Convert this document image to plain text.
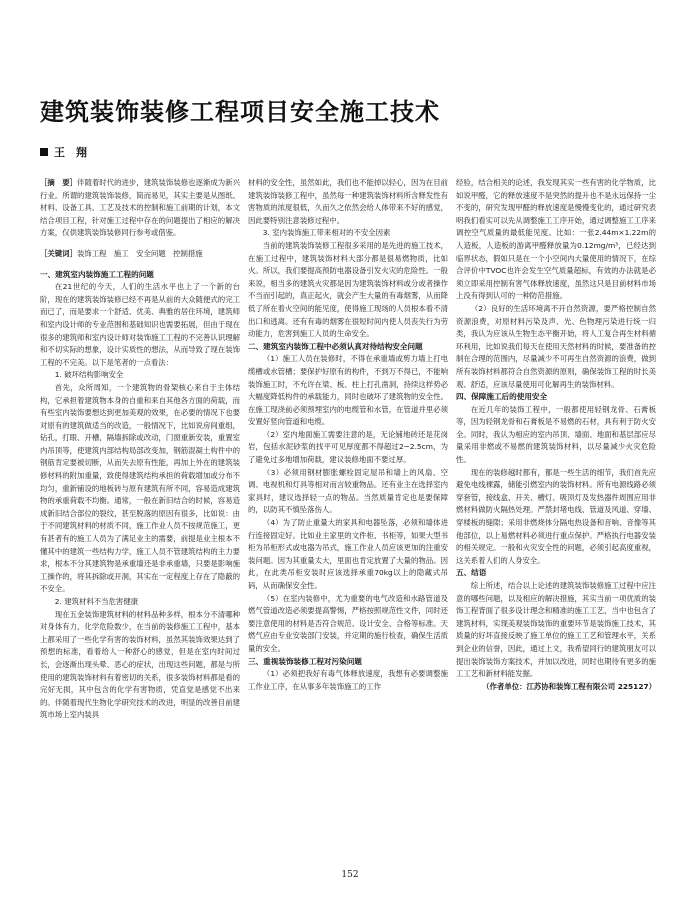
建筑装饰装修工程项目安全施工技术
王　翔

［摘　要］伴随着时代的进步，建筑装饰装修也逐渐成为新兴行业。所谓的建筑装饰装修，简而易见，其实主要是从图纸、材料、设备工具、工艺及技术的控制和施工前期的计划，本文结合项目工程，针对施工过程中存在的问题提出了相应的解决方案，仅供建筑装饰装修同行参考或借鉴。

［关键词］装饰工程　施工　安全问题　控制措施

一、建筑室内装饰施工工程的问题

在21世纪的今天，人们的生活水平也上了一个新的台阶，现在的建筑装饰装修已经不再是从前的大众随便式的完工而已了，而是要求一个舒适、优美、典雅的居住环境，建筑师和室内设计师的专业范围和基础知识也需要拓展，但由于现在很多的建筑师和室内设计师对装饰施工工程的不完善认识理解和不切实际的想象，设计实质性的想法，从而导致了现在装饰工程的不完美。以下是笔者的一点看法：

1. 破坏结构影响安全

首先，众所周知，一个建筑物的骨架核心来自于主体结构，它承担着建筑物本身的自重和来自其他各方面的荷载，而有些室内装饰要想达到更加美观的效果，在必要的情况下也要对原有的建筑做适当的改造，一般情况下，比如说房间重组，钻孔，打眼、开槽，隔墙拆除或改动，门窗重新安装，重置室内吊顶等，使建筑内部结构局部改变加，钢筋混凝土构件中的钢筋肯定要被切断，从而失去原有性能，再加上外在的建筑装修材料的附加重量，致使得建筑结构承担的荷载增加或分布不均匀，重新铺设的地板砖与原有建筑有所不同，容易造成建筑物的承重荷载不均衡。通常，一般在新旧结合的时候，容易造成新旧结合部位的裂纹，甚至脱落的原因有很多，比如说：由于不同建筑材料的材质不同，施工作业人员不按规范施工，更有甚者有的施工人员为了满足业主的需要，前提是业主根本不懂其中的建筑一些结构力学，施工人员不管建筑结构的主力要求，根本不分其建筑物是承重墙还是非承重墙，只要是影响施工操作的，将其拆除或开洞，其实在一定程度上存在了隐蔽的不安全。

2. 建筑材料不当危害健康

现在五金装饰建筑材料的材料品种多样，根本分不清哪种对身体有力，化学危险数少，在当前的装修施工工程中，基本上都采用了一些化学有害的装饰材料，虽然其装饰效果达到了预想的标准，看着给人一种舒心的感觉，但是在室内时间过长，会逐渐出现头晕、恶心的症状，出现这些问题，都是与所使用的建筑装饰材料有着密切的关系，很多装饰材料都是看的完好无损，其中包含的化学有害物质，凭直觉是感觉不出来的。伴随着现代生物化学研究技术的改进，明显的改善目前建筑市场上室内装具

材料的安全性，虽然如此，我们也不能掉以轻心，因为在目前建筑装饰装修工程中，虽然每一种建筑装饰材料所含释发性有害物质的浓度很低，久而久之依然会给人体带来不好的感觉，因此要特别注意装修过程中。

3. 室内装饰施工带来相对的不安全因素

当前的建筑装饰装修工程很多采用的是先进的施工技术，在施工过程中，建筑装饰材料大部分都是很易燃物质，比如火。所以，我们要提高预防电器设备引发火灾的危险性。一般来说，相当多的建筑火灾都是因为建筑装饰材料或分或者操作不当而引起的，真正起火，就会产生大量的有毒烟雾，从而降低了所在着火空间的能见度，使得施工现场的人员根本看不清出口和逃离。还有有毒的烟雾在很短时间内使人员丧失行为劳动能力，危害到施工人员的生命安全。

二、建筑室内装饰工程中必须认真对待结构安全问题

（1）施工人员在装修时，不得在承重墙或剪力墙上打电缆槽或水管槽；要保护好原有的构件，不到万不得已，不能响装饰施工时，不允许在梁、板、柱上打孔凿洞，持续这样势必大幅度降低构件的承载能力，同时也破坏了建筑物的安全性。在施工现浇前必须预埋室内的电缆管和水管，在管道并里必须安置好竖向管道和电缆。

（2）室内地面施工需要注意的是，无论铺地砖还是花岗岩，包括水泥砂浆的找平可见厚度都不得超过2~2.5cm，为了避免过多地增加荷载，建议装修地面不要过厚。

（3）必须用钢材膨胀螺栓固定屋吊和墙上的风扇、空调、电视机和灯具等相对而言较重物品。还有业主在选择室内家具时，建议选择轻一点的物品。当然质量肯定也是要保障的，以防其不慎坠落伤人。

（4）为了防止重量大的家具和电器坠落，必须和墙体进行连接固定好。比如业主家里的文件柜、书柜等，如果大型书柜为吊柜形式或电器为吊式，施工作业人员应该更加的注重安装问题。因为其重量太大，里面也肯定放置了大量的物品。因此，在此类吊柜安装时应该选择承重70kg以上的隐藏式吊码，从而确保安全性。

（5）在室内装修中，尤为重要的电气改造和水路管道及燃气管道改造必须要提高警惕，严格按照规范性文件，同时还要注意使用的材料是否符合规范、设计安全、合格等标准。天燃气应由专业安装部门安装，并定期的施行检查，确保生活质量的安全。

三、重视装饰装修工程对污染问题

（1）必须把我好有毒气体释放速度，我想有必要调整施工作业工序，在从事多年装饰施工的工作

经验，结合相关的论述，我发现其实一些有害的化学物质，比如说甲醛，它的释放速度不是突然的提升也不是永远保持一尘不变的，研究发现甲醛的释放速度是慢慢变化的，通过研究表明我们看实可以先从调整施工工序开始，通过调整施工工序来调控空气质量的最低能见度。比如：一张2.44m×1.22m的人造板，人造板的游离甲醛释放量为0.12mg/m³，已经达到临界状态，假如只是在一个小空间内大量使用的情况下，在综合评价中TVOC也许会发生空气质量超标，有效的办法就是必须立即采用控制有害气体释放速度，虽然这只是目前材料市场上没有得到认可的一种防范措施。

（2）良好的生活环境离不开自然资源，要严格控制自然资源浪费，对原材料污染及声、光、色物理污染进行统一归类，我认为应该从生物生态平衡开始，将人工复合再生材料循环利用，比如说我们每天在使用天然材料的时候，要准备的控制在合理的范围内，尽量减少不可再生自然资源的浪费，做到所有装饰材料都符合自然资源的原则，确保装饰工程的时长美观、舒适，应该尽量使用可化解再生的装饰材料。

四、保障施工后的使用安全

在近几年的装饰工程中，一般都使用轻钢龙骨、石膏板等，因为轻钢龙骨和石膏板是不易燃的石材，具有利于防火安全。同时，我认为相应的室内吊顶、墙面、地面和基层部应尽量采用非燃或不易燃的建筑装饰材料，以尽量减少火灾危险性。

现在的装修越时都有，都是一些生活的细节，我们首先应避免电线裸露，储能引燃室内的装饰材料。所有电源线路必须穿套管，接线盒、开关、槽灯、吸顶灯及发热器件周围应用非燃材料做防火隔热处理。严禁封堵电线、管道及风道、穿墙、穿楼板的缝隙；采用非燃烧体分隔电热设备和音响、音像等其他部位，以上易燃材料必须进行重点保护。严格执行电器安装的相关规定。一般和火灾安全性的问题，必须引起高度重视，这关系着人们的人身安全。

五、结语

综上所述，结合以上论述的建筑装饰装修施工过程中应注意的哪些问题，以及相应的解决措施，其实当前一项优质的装饰工程背面了很多设计理念和精准的施工工艺，当中也包含了建筑材料，实现美观装饰装饰的重要环节是装饰施工技术，其质量的好坏直接反映了施工单位的施工工艺和管理水平，关系到企业的信誉，因此，通过上文，我希望同行的建筑朋友可以提出装饰装饰方案技术，并加以改进，同时也期待有更多的施工工艺和新材料能发掘。

（作者单位：江苏协和装饰工程有限公司 225127）

152
